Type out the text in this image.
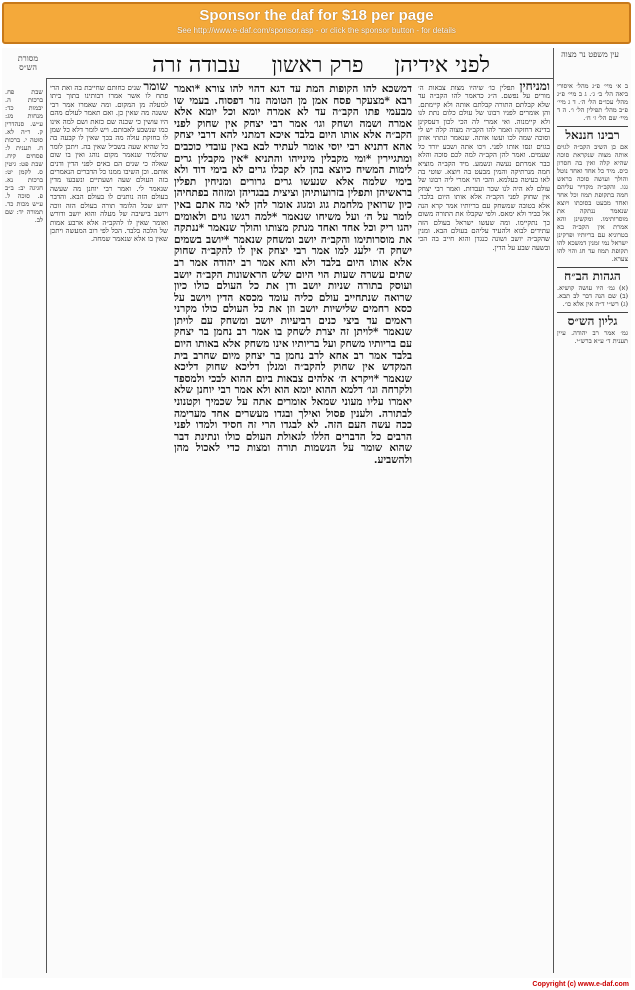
Sponsor the daf for $18 per page
See http://www.e-daf.com/sponsor.asp - or click the sponsor button - for details
מסורת הש״ס	לפני אידיהן פרק ראשון עבודה זרה	עין משפט נר מצוה

ומניחין תפלין כו׳ שיהיו מצות צבאות ה׳ מורים על נפשם. ה״ג כדאמר להו הקב״ה עד שלא קבלתם התורה קבלתם אותה ולא קיימתם. והן אומרים לפניו רבונו של עולם כלום נתת לנו ולא קיימנוה. ואי אמרי לה הכי לכון דעסקינן בדינא דחזקה ואמר להו הקב״ה מצוה קלה יש לי וסוכה שמה לכו ועשו אותה. שנאמר ונתתי אותן בגוים ונסו אותו לפני. ויכו אתה ושבע יורד כל שעמים. ואמר להן הקב״ה למה לכם סוכה והלא כבר אמרתם נעשה ונשמע. מיד הקב״ה מוציא חמה מנרתיקה והמין מבעט בה ויוצא. שוטי בה לאו בעיטה בעלמא. והכי הוי אמרי ליה רבונו של עולם לא היה לנו שכר ועבדות. ואמר רבי יצחק אין שחוק לפני הקב״ה אלא אותו היום בלבד. אלא בטובה שמשחק עם בריותיו אמר קרא הנה אל כביר ולא ימאס. ולפי שקבלו את התורה משום כך נתקיימו. ומה שעשו ישראל בעולם הזה עתידים לבוא ולהעיד עליהם בעולם הבא. ומנין שהקב״ה יושב ושונה כנגדן והוא חייב בה הכי ובשעה שבע על הדין.

דמשכא להו הקופות המת עד דגא דהוי להו צורא *ואמר רבא *מצעקר פסח אמן מן הטומה נזר דפסוח. בעמי שו מבעמי פתו הקב״ה עד לא אמרה יומא וכל יומא אלא אמרה ושמה ושחק וגו׳ אמר רבי יצחק אין שחוק לפני הקב״ה אלא אותו היום בלבד איכא דמתני להא דרבי יצחק אהא דתניא רבי יוסי אומר לעתיד לבא באין עובדי כוכבים ומתגיירין *ומי מקבלין מינייהו והתניא *אין מקבלין גרים לימות המשיח כיוצא בהן לא קבלו גרים לא בימי דוד ולא בימי שלמה אלא שנעשו גרים גרורים ומניחין תפלין בראשיהן ותפלין בזרועותיהן וציצית בבגדיהן ומזוזה בפתחיהן כיון שרואין מלחמת גוג ומגוג אומר להן לאי מה אתם באין לומר על ה׳ ועל משיחו שנאמר *למה רגשו גוים ולאומים יהגו ריק וכל אחד ואחד מנתק מצותו והולך שנאמר *ננתקה את מוסרותימו והקב״ה יושב ומשחק שנאמר *יושב בשמים ישחק ה׳ ילעג למו אמר רבי יצחק אין לו להקב״ה שחוק אלא אותו היום בלבד ולא והא אמר רב יהודה אמר רב שתים עשרה שעות הוי היום שלש הראשונות הקב״ה יושב ועוסק בתורה שניות יושב ודן את כל העולם כולו כיון שרואה שנתחייב עולם כליה עומד מכסא הדין ויושב על כסא רחמים שלישיות יושב וזן את כל העולם כולו מקרני ראמים עד ביצי כנים רביעיות יושב ומשחק עם לויתן שנאמר *לויתן זה יצרת לשחק בו אמר רב נחמן בר יצחק עם בריותיו משחק ועל בריותיו אינו משחק אלא באותו היום בלבד אמר רב אחא לרב נחמן בר יצחק מיום שחרב בית המקדש אין שחוק להקב״ה ומנלן דליכא שחוק דליכא שנאמר *ויקרא ה׳ אלהים צבאות ביום ההוא לבכי ולמספד ולקרחה וגו׳ דלמא ההוא יומא הוא ולא אמר רבי יוחנן שלא יאמרו עליו מעוני שמאל אומרים אתה על שכמיך וקטנוני לבתורה. ולענין פסול ואילך ובגדו מעשרים אחד מערימה ככה עשה העם הזה. לא לבגדו הרי זה חסיד ולמדו לפני הרבים כל הדברים הללו לגאולת העולם כולו ונתינת דבר שהוא שומר על הנשמות תורה ומצות כדי לאכול מהן ולהשביע.

שומר שנים כחותם שחייבת בה ואת הרי פתח לו אשר אמרו רבותינו בתוך ביתו למעלה מן המקום. ומה שאמרו אמר רבי ששנה מה שאין כן. ואם תאמר לעולם מהם היו עושין כי שכנה שם כזאת ושם למה אינו כמו שנשבע לאבותם. ויש לומר דלא כל שמן לו בחזקת עולה מה בכך שאין לו קבעה בה כל שהיא שעה בשביל שאין בה. ויתכן לומר שתלמיד שנאמר מקום נוהג ואין בו שום שאלה כי שנים הם באים לפני הדין ודנים אותם. וכן השיבו ממנו כל הדברים הנאמרים בזה העולם שעה ושעתיים ונשבעו מדין שנאמר לי. ואמר רבי יוחנן מה שעשה בעולם הזה נותנים לו בעולם הבא. והדבר ידוע שכל הלומד תורה בעולם הזה זוכה ויושב בישיבה של מעלה והוא יושב ודורש ואומר שאין לו להקב״ה אלא ארבע אמות של הלכה בלבד. הכל לפי רוב המעשה ויתכן שאין בו אלא שנאמר שמחה.

ב א׳ מיי׳ פ״ג מהל׳ איסורי ביאה הל׳ ב׳ ג׳. ג ב מיי׳ פ״ג מהל׳ עכו״ם הל׳ ה׳. ד ג מיי׳ פ״ב מהל׳ תפילין הל׳ ו׳. ה ד מיי׳ שם הל׳ ז׳ ח׳.

רבינו חננאל

אם כן השיב הקב״ה לגוים אותה מצוה שנקראת סוכה שהיא קלה ואין בה חסרון כיס. מיד כל אחד ואחד נוטל והולך ועושה סוכה בראש גגו. והקב״ה מקדיר עליהם חמה בתקופת תמוז וכל אחד ואחד מבעט בסוכתו ויוצא שנאמר ננתקה את מוסרותימו. ומקשינן והא אמרת אין הקב״ה בא בטרוניא עם בריותיו ופרקינן ישראל נמי זמנין דמשכא להו תקופת תמוז עד חג והוי להו צערא.

הגהות הב״ח

(א) גמ׳ היו עושה קושיא. (ב) שם הנה דבר לב תבא. (ג) רש״י ד״ה אין אלא כו׳.

גליון הש״ס

גמ׳ אמר רב יהודה. עיין תענית ד׳ ע״א ברש״י.

שבת פח. ברכות ה. יבמות כד: מנחות מג: ע״ש. סנהדרין ק. ר״ה לא. סוטה י. ברכות ח. תענית ל: פסחים קיח. שבת פט: גיטין ס. לקמן יט: ברכות נא. חגיגה יב: ב״ב פ. סוכה ל. ע״ש מכות כד. תמורה יד: שם לב.

Copyright (c) www.e-daf.com
